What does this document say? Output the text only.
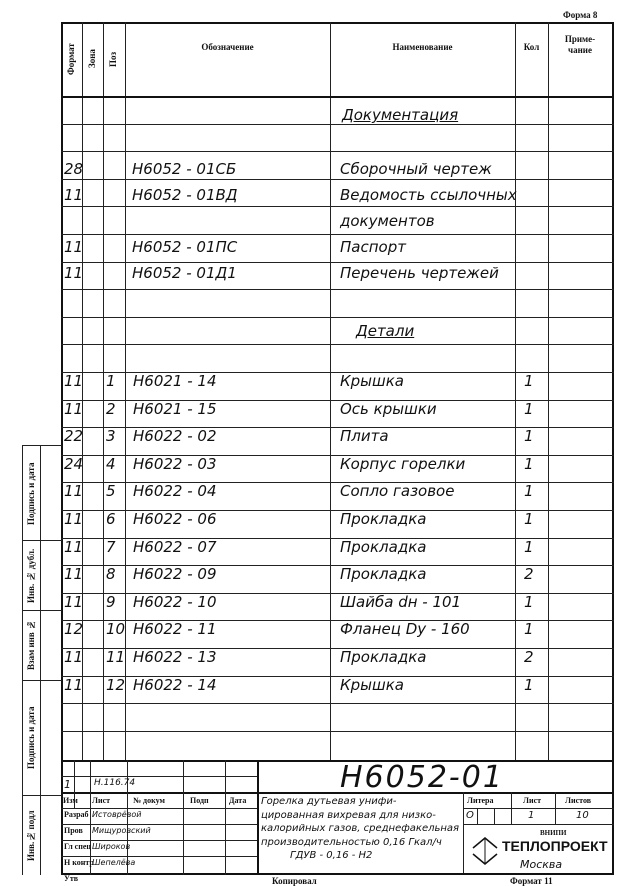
Форма 8
Подпись и дата
Инв. № дубл.
Взам инв №
Подпись и дата
Инв.№ подл
Формат Зона Поз
Обозначение	Наименование	Кол
Приме-
чание
Документация
Детали
28	Н6052 - 01СБ	Сборочный чертеж
11	Н6052 - 01ВД	Ведомость ссылочных
документов
11	Н6052 - 01ПС	Паспорт
11	Н6052 - 01Д1	Перечень чертежей
11 1 Н6021 - 14	Крышка	1
11 2 Н6021 - 15	Ось крышки	1
22 3 Н6022 - 02	Плита	1
24 4 Н6022 - 03	Корпус горелки	1
11 5 Н6022 - 04	Сопло газовое	1
11 6 Н6022 - 06	Прокладка	1
11 7 Н6022 - 07	Прокладка	1
11 8 Н6022 - 09	Прокладка	2
11 9 Н6022 - 10	Шайба dн - 101	1
12 10 Н6022 - 11	Фланец Dу - 160	1
11 11 Н6022 - 13	Прокладка	2
11 12 Н6022 - 14	Крышка	1
1	Н.116.74
Изм Лист	№ докум	Подп	Дата
Разраб Истоврёвой
Пров Мищуровский
Гл спец Широков
Н контр
Шепелёва
Утв
Н6052-01
Горелка дутьевая унифи-
цированная вихревая для низко-
калорийных газов, среднефакельная
производительностью 0,16 Гкал/ч
ГДУВ - 0,16 - Н2
Литера	Лист	Листов
О	1	10
ВНИПИ
ТЕПЛОПРОЕКТ
Москва
Копировал	Формат 11
